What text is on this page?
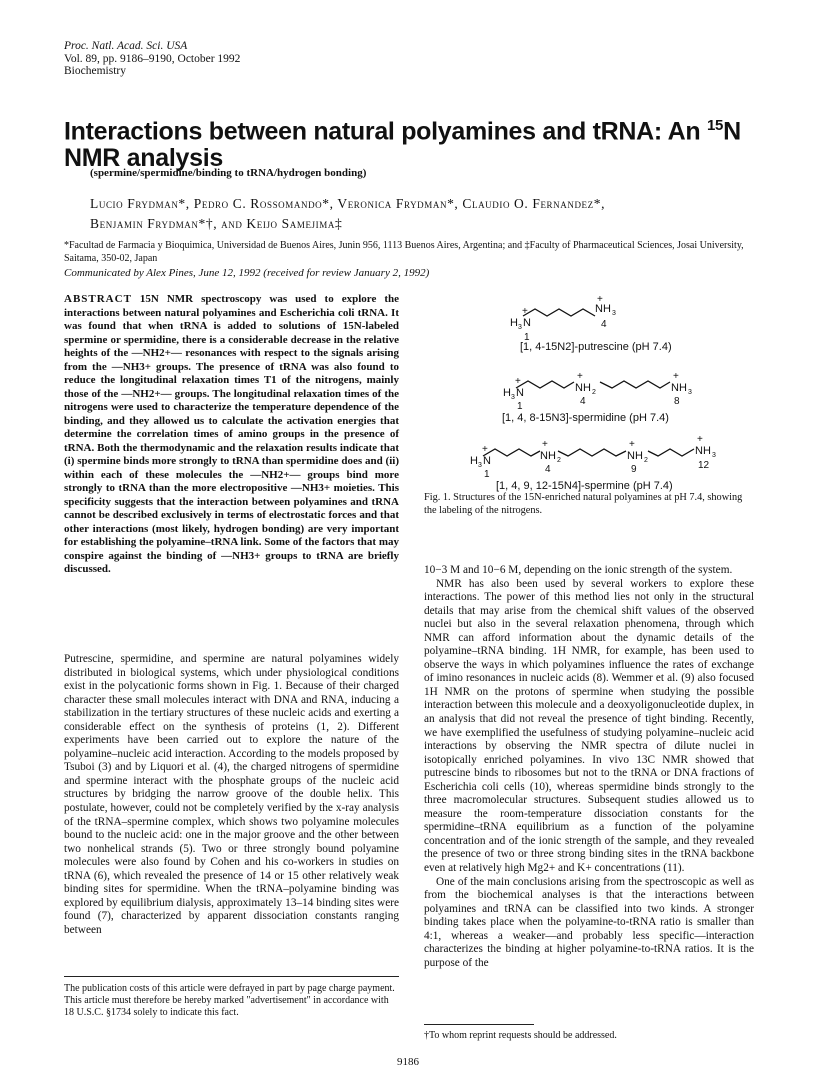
Proc. Natl. Acad. Sci. USA
Vol. 89, pp. 9186–9190, October 1992
Biochemistry
Interactions between natural polyamines and tRNA: An $^{15}$N NMR analysis
(spermine/spermidine/binding to tRNA/hydrogen bonding)
Lucio Frydman*, Pedro C. Rossomando*, Veronica Frydman*, Claudio O. Fernandez*,
Benjamin Frydman*†, and Keijo Samejima‡
*Facultad de Farmacia y Bioquimica, Universidad de Buenos Aires, Junin 956, 1113 Buenos Aires, Argentina; and ‡Faculty of Pharmaceutical Sciences, Josai University, Saitama, 350-02, Japan
Communicated by Alex Pines, June 12, 1992 (received for review January 2, 1992)
ABSTRACT 15N NMR spectroscopy was used to explore the interactions between natural polyamines and Escherichia coli tRNA. It was found that when tRNA is added to solutions of 15N-labeled spermine or spermidine, there is a considerable decrease in the relative heights of the —NH2+— resonances with respect to the signals arising from the —NH3+ groups. The presence of tRNA was also found to reduce the longitudinal relaxation times T1 of the nitrogens, mainly those of the —NH2+— groups. The longitudinal relaxation times of the nitrogens were used to characterize the temperature dependence of the binding, and they allowed us to calculate the activation energies that determine the correlation times of amino groups in the presence of tRNA. Both the thermodynamic and the relaxation results indicate that (i) spermine binds more strongly to tRNA than spermidine does and (ii) within each of these molecules the —NH2+— groups bind more strongly to tRNA than the more electropositive —NH3+ moieties. This specificity suggests that the interaction between polyamines and tRNA cannot be described exclusively in terms of electrostatic forces and that other interactions (most likely, hydrogen bonding) are very important for establishing the polyamine–tRNA link. Some of the factors that may conspire against the binding of —NH3+ groups to tRNA are briefly discussed.
Putrescine, spermidine, and spermine are natural polyamines widely distributed in biological systems, which under physiological conditions exist in the polycationic forms shown in Fig. 1. Because of their charged character these small molecules interact with DNA and RNA, inducing a stabilization in the tertiary structures of these nucleic acids and exerting a considerable effect on the synthesis of proteins (1, 2). Different experiments have been carried out to explore the nature of the polyamine–nucleic acid interaction. According to the models proposed by Tsuboi (3) and by Liquori et al. (4), the charged nitrogens of spermidine and spermine interact with the phosphate groups of the nucleic acid structures by bridging the narrow groove of the double helix. This postulate, however, could not be completely verified by the x-ray analysis of the tRNA–spermine complex, which shows two polyamine molecules bound to the nucleic acid: one in the major groove and the other between two nonhelical strands (5). Two or three strongly bound polyamine molecules were also found by Cohen and his co-workers in studies on tRNA (6), which revealed the presence of 14 or 15 other relatively weak binding sites for spermidine. When the tRNA–polyamine binding was explored by equilibrium dialysis, approximately 13–14 binding sites were found (7), characterized by apparent dissociation constants ranging between
The publication costs of this article were defrayed in part by page charge payment. This article must therefore be hereby marked "advertisement" in accordance with 18 U.S.C. §1734 solely to indicate this fact.
H 3 N
+
1
NH 3
+
4
[1, 4-15N2]-putrescine (pH 7.4)
H 3 N
+
1
NH 2
+
4
NH 3
+
8
[1, 4, 8-15N3]-spermidine (pH 7.4)
H 3 N
+
1
NH 2
+
4
NH 2
+
9
NH 3
+
12
[1, 4, 9, 12-15N4]-spermine (pH 7.4)
Fig. 1. Structures of the 15N-enriched natural polyamines at pH 7.4, showing the labeling of the nitrogens.

10−3 M and 10−6 M, depending on the ionic strength of the system.

NMR has also been used by several workers to explore these interactions. The power of this method lies not only in the structural details that may arise from the chemical shift values of the observed nuclei but also in the several relaxation phenomena, through which NMR can afford information about the dynamic details of the polyamine–tRNA binding. 1H NMR, for example, has been used to observe the ways in which polyamines influence the rates of exchange of imino resonances in nucleic acids (8). Wemmer et al. (9) also focused 1H NMR on the protons of spermine when studying the possible interaction between this molecule and a deoxyoligonucleotide duplex, in an analysis that did not reveal the presence of tight binding. Recently, we have exemplified the usefulness of studying polyamine–nucleic acid interactions by observing the NMR spectra of dilute nuclei in isotopically enriched polyamines. In vivo 13C NMR showed that putrescine binds to ribosomes but not to the tRNA or DNA fractions of Escherichia coli cells (10), whereas spermidine binds strongly to the three macromolecular structures. Subsequent studies allowed us to measure the room-temperature dissociation constants for the spermidine–tRNA equilibrium as a function of the polyamine concentration and of the ionic strength of the sample, and they revealed the presence of two or three strong binding sites in the tRNA backbone even at relatively high Mg2+ and K+ concentrations (11).

One of the main conclusions arising from the spectroscopic as well as from the biochemical analyses is that the interactions between polyamines and tRNA can be classified into two kinds. A stronger binding takes place when the polyamine-to-tRNA ratio is smaller than 4:1, whereas a weaker—and probably less specific—interaction characterizes the binding at higher polyamine-to-tRNA ratios. It is the purpose of the

†To whom reprint requests should be addressed.
9186
